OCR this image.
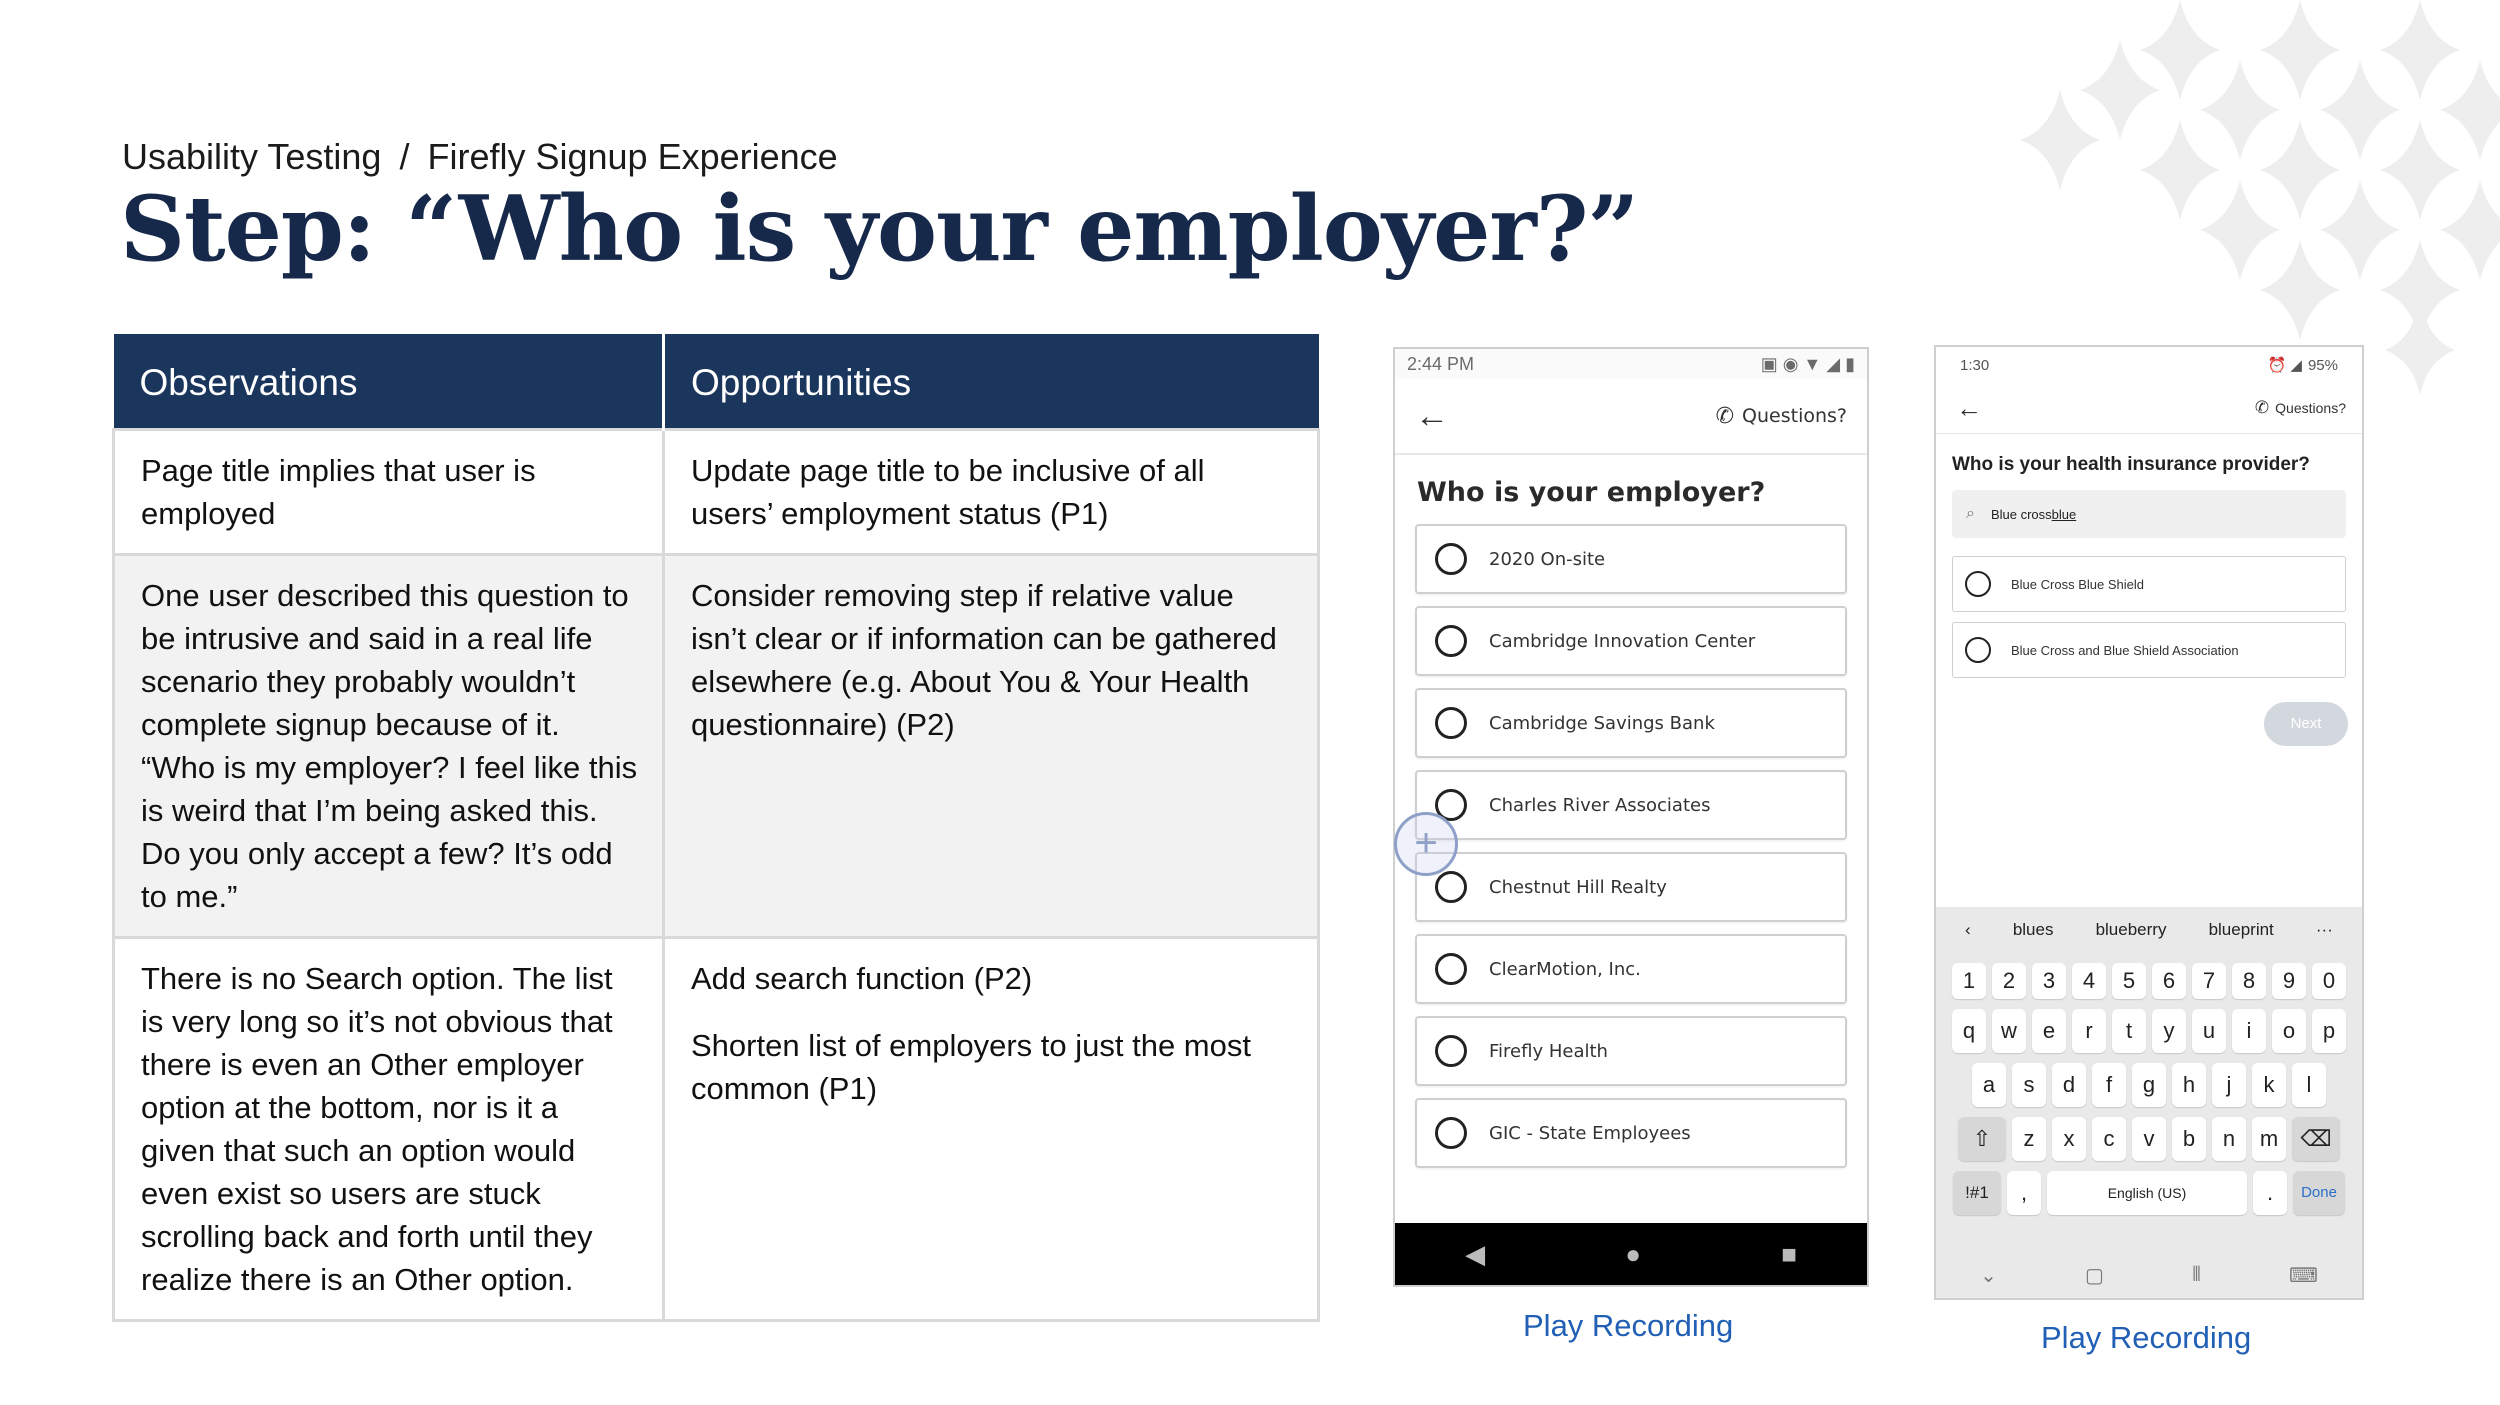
Usability Testing / Firefly Signup Experience
Step: “Who is your employer?”
Observations	Opportunities

Page title implies that user is employed	Update page title to be inclusive of all users’ employment status (P1)

One user described this question to be intrusive and said in a real life scenario they probably wouldn’t complete signup because of it. “Who is my employer? I feel like this is weird that I’m being asked this. Do you only accept a few? It’s odd to me.”	Consider removing step if relative value isn’t clear or if information can be gathered elsewhere (e.g. About You & Your Health questionnaire) (P2)

There is no Search option. The list is very long so it’s not obvious that there is even an Other employer option at the bottom, nor is it a given that such an option would even exist so users are stuck scrolling back and forth until they realize there is an Other option.	Add search function (P2)

Shorten list of employers to just the most common (P1)

2:44 PM	▣ ◉ ▼ ◢ ▮
←	✆ Questions?
Who is your employer?
2020 On-site
Cambridge Innovation Center
Cambridge Savings Bank
Charles River Associates
Chestnut Hill Realty
ClearMotion, Inc.
Firefly Health
GIC - State Employees
◀	●	■
+
Play Recording
1:30	⏰ ◢ 95%
←	✆ Questions?
Who is your health insurance provider?
⌕ Blue cross blue
Blue Cross Blue Shield
Blue Cross and Blue Shield Association
Next
‹ blues blueberry blueprint ···
1	2	3	4	5	6	7	8	9	0
q	w	e	r	t	y	u	i	o	p
a	s	d	f	g	h	j	k	l
⇧	z	x	c	v	b	n	m	⌫
!#1	,	English (US)	.	Done
⌄	▢	⦀	⌨
Play Recording
